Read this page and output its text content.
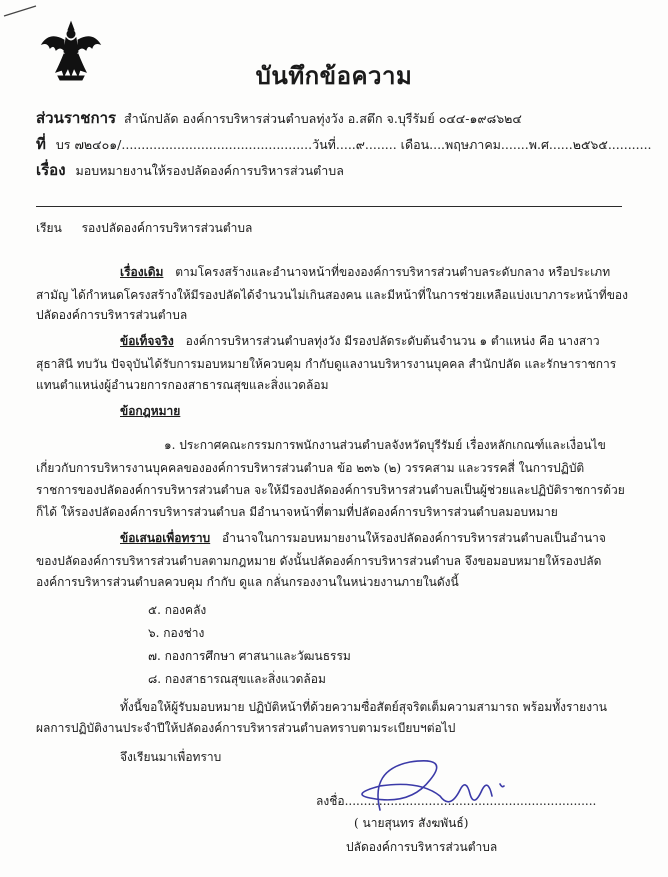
บันทึกข้อความ
ส่วนราชการ สำนักปลัด องค์การบริหารส่วนตำบลทุ่งวัง อ.สตึก จ.บุรีรัมย์ ๐๔๔-๑๙๘๖๒๔
ที่ บร ๗๒๔๐๑/................................................วันที่.....๙........ เดือน....พฤษภาคม.......พ.ศ......๒๕๖๕...........
เรื่อง มอบหมายงานให้รองปลัดองค์การบริหารส่วนตำบล
เรียน รองปลัดองค์การบริหารส่วนตำบล
เรื่องเดิม ตามโครงสร้างและอำนาจหน้าที่ขององค์การบริหารส่วนตำบลระดับกลาง หรือประเภท
สามัญ ได้กำหนดโครงสร้างให้มีรองปลัดได้จำนวนไม่เกินสองคน และมีหน้าที่ในการช่วยเหลือแบ่งเบาภาระหน้าที่ของ
ปลัดองค์การบริหารส่วนตำบล
ข้อเท็จจริง องค์การบริหารส่วนตำบลทุ่งวัง มีรองปลัดระดับต้นจำนวน ๑ ตำแหน่ง คือ นางสาว
สุธาสินี ทบวัน ปัจจุบันได้รับการมอบหมายให้ควบคุม กำกับดูแลงานบริหารงานบุคคล สำนักปลัด และรักษาราชการ
แทนตำแหน่งผู้อำนวยการกองสาธารณสุขและสิ่งแวดล้อม
ข้อกฎหมาย
๑. ประกาศคณะกรรมการพนักงานส่วนตำบลจังหวัดบุรีรัมย์ เรื่องหลักเกณฑ์และเงื่อนไข
เกี่ยวกับการบริหารงานบุคคลขององค์การบริหารส่วนตำบล ข้อ ๒๓๖ (๒) วรรคสาม และวรรคสี่ ในการปฏิบัติ
ราชการของปลัดองค์การบริหารส่วนตำบล จะให้มีรองปลัดองค์การบริหารส่วนตำบลเป็นผู้ช่วยและปฏิบัติราชการด้วย
ก็ได้ ให้รองปลัดองค์การบริหารส่วนตำบล มีอำนาจหน้าที่ตามที่ปลัดองค์การบริหารส่วนตำบลมอบหมาย
ข้อเสนอเพื่อทราบ อำนาจในการมอบหมายงานให้รองปลัดองค์การบริหารส่วนตำบลเป็นอำนาจ
ของปลัดองค์การบริหารส่วนตำบลตามกฎหมาย ดังนั้นปลัดองค์การบริหารส่วนตำบล จึงขอมอบหมายให้รองปลัด
องค์การบริหารส่วนตำบลควบคุม กำกับ ดูแล กลั่นกรองงานในหน่วยงานภายในดังนี้
๕. กองคลัง
๖. กองช่าง
๗. กองการศึกษา ศาสนาและวัฒนธรรม
๘. กองสาธารณสุขและสิ่งแวดล้อม
ทั้งนี้ขอให้ผู้รับมอบหมาย ปฏิบัติหน้าที่ด้วยความซื่อสัตย์สุจริตเต็มความสามารถ พร้อมทั้งรายงาน
ผลการปฏิบัติงานประจำปีให้ปลัดองค์การบริหารส่วนตำบลทราบตามระเบียบฯต่อไป
จึงเรียนมาเพื่อทราบ
ลงชื่อ..................................................................
( นายสุนทร สังฆพันธ์)
ปลัดองค์การบริหารส่วนตำบล
